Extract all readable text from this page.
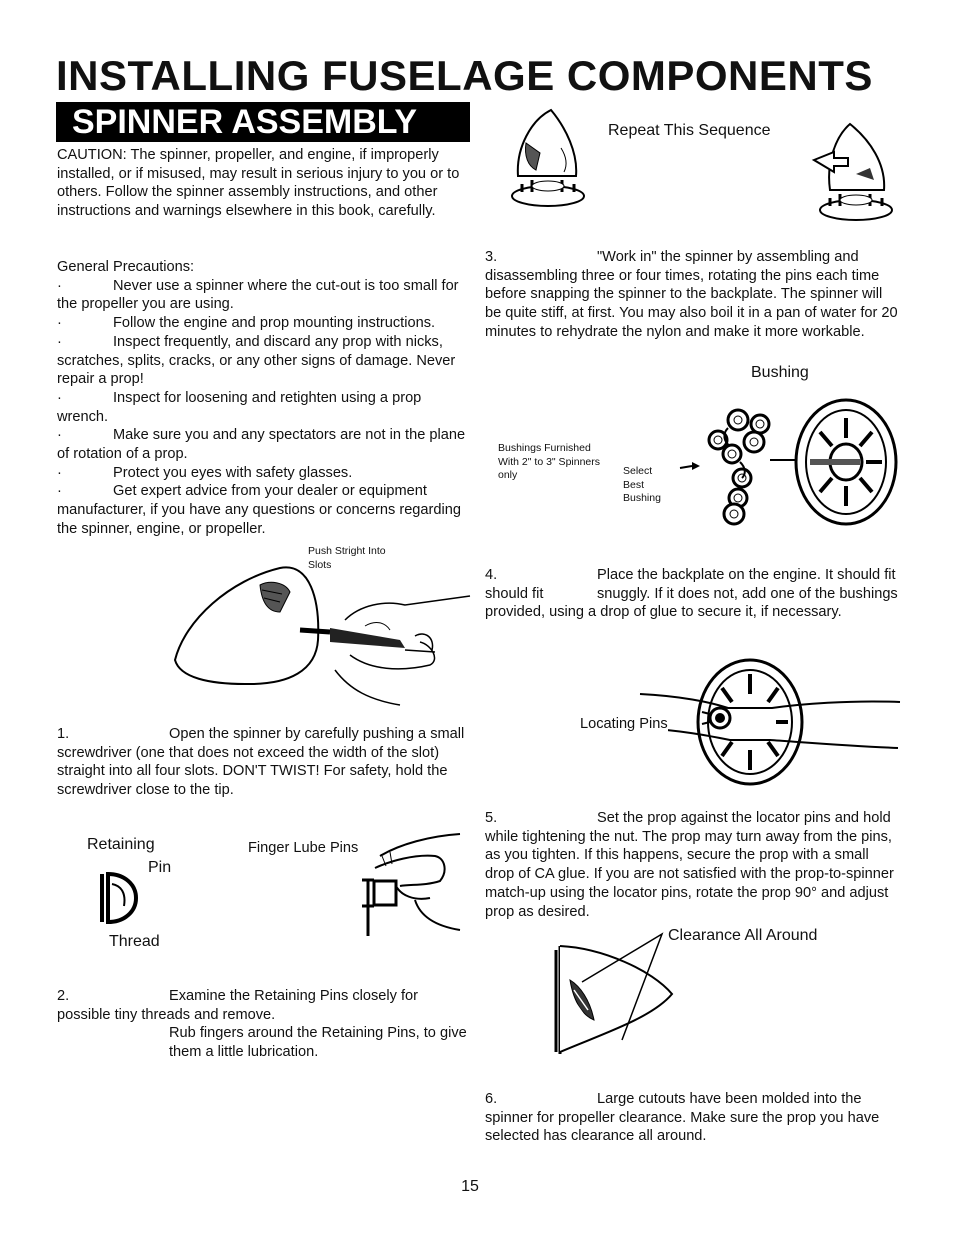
INSTALLING FUSELAGE COMPONENTS
SPINNER ASSEMBLY
CAUTION: The spinner, propeller, and engine, if improperly installed, or if misused, may result in serious injury to you or to others. Follow the spinner assembly instructions, and other instructions and warnings elsewhere in this book, carefully.
General Precautions:
·	Never use a spinner where the cut-out is too small for the propeller you are using.
·	Follow the engine and prop mounting instructions.
·	Inspect frequently, and discard any prop with nicks, scratches, splits, cracks, or any other signs of damage. Never repair a prop!
·	Inspect for loosening and retighten using a prop wrench.
·	Make sure you and any spectators are not in the plane of rotation of a prop.
·	Protect you eyes with safety glasses.
·	Get expert advice from your dealer or equipment manufacturer, if you have any questions or concerns regarding the spinner, engine, or propeller.
Push Stright Into Slots
1.	Open the spinner by carefully pushing a small screwdriver (one that does not exceed the width of the slot) straight into all four slots. DON'T TWIST! For safety, hold the screwdriver close to the tip.
Retaining
Pin
Thread
Finger Lube Pins
2.	Examine the Retaining Pins closely for possible tiny threads and remove.
Rub fingers around the Retaining Pins, to give them a little lubrication.
Repeat This Sequence
3.	"Work in" the spinner by assembling and disassembling three or four times, rotating the pins each time before snapping the spinner to the backplate. The spinner will be quite stiff, at first. You may also boil it in a pan of water for 20 minutes to rehydrate the nylon and make it more workable.
Bushing
Bushings Furnished With 2" to 3" Spinners only	Select Best Bushing
4.	Place the backplate on the engine. It should fit
should fit	snuggly. If it does not, add one of the bushings provided, using a drop of glue to secure it, if necessary.
Locating Pins
5.	Set the prop against the locator pins and hold while tightening the nut. The prop may turn away from the pins, as you tighten. If this happens, secure the prop with a small drop of CA glue. If you are not satisfied with the prop-to-spinner match-up using the locator pins, rotate the prop 90° and adjust prop as desired.
Clearance All Around
6.	Large cutouts have been molded into the spinner for propeller clearance. Make sure the prop you have selected has clearance all around.
15
